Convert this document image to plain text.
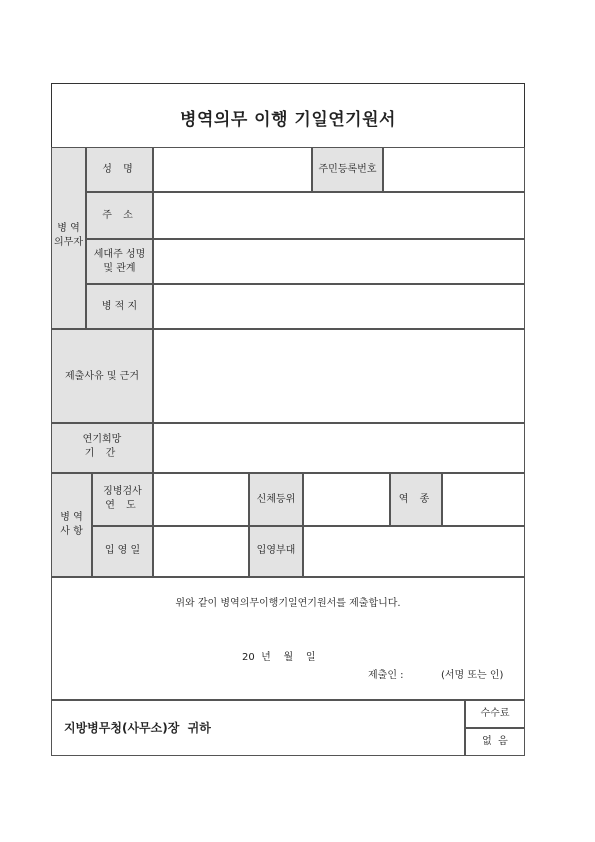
병역의무 이행 기일연기원서
병 역
의무자
성 명	주민등록번호
주 소
세대주 성명
및 관계
병 적 지
제출사유 및 근거
연기희망
기 간
병 역
사 항
징병검사
연 도
신체등위	역 종
입 영 일	입영부대
위와 같이 병역의무이행기일연기원서를 제출합니다.
20  년    월    일
제출인 :	(서명 또는 인)
지방병무청(사무소)장  귀하
수수료
없  음
